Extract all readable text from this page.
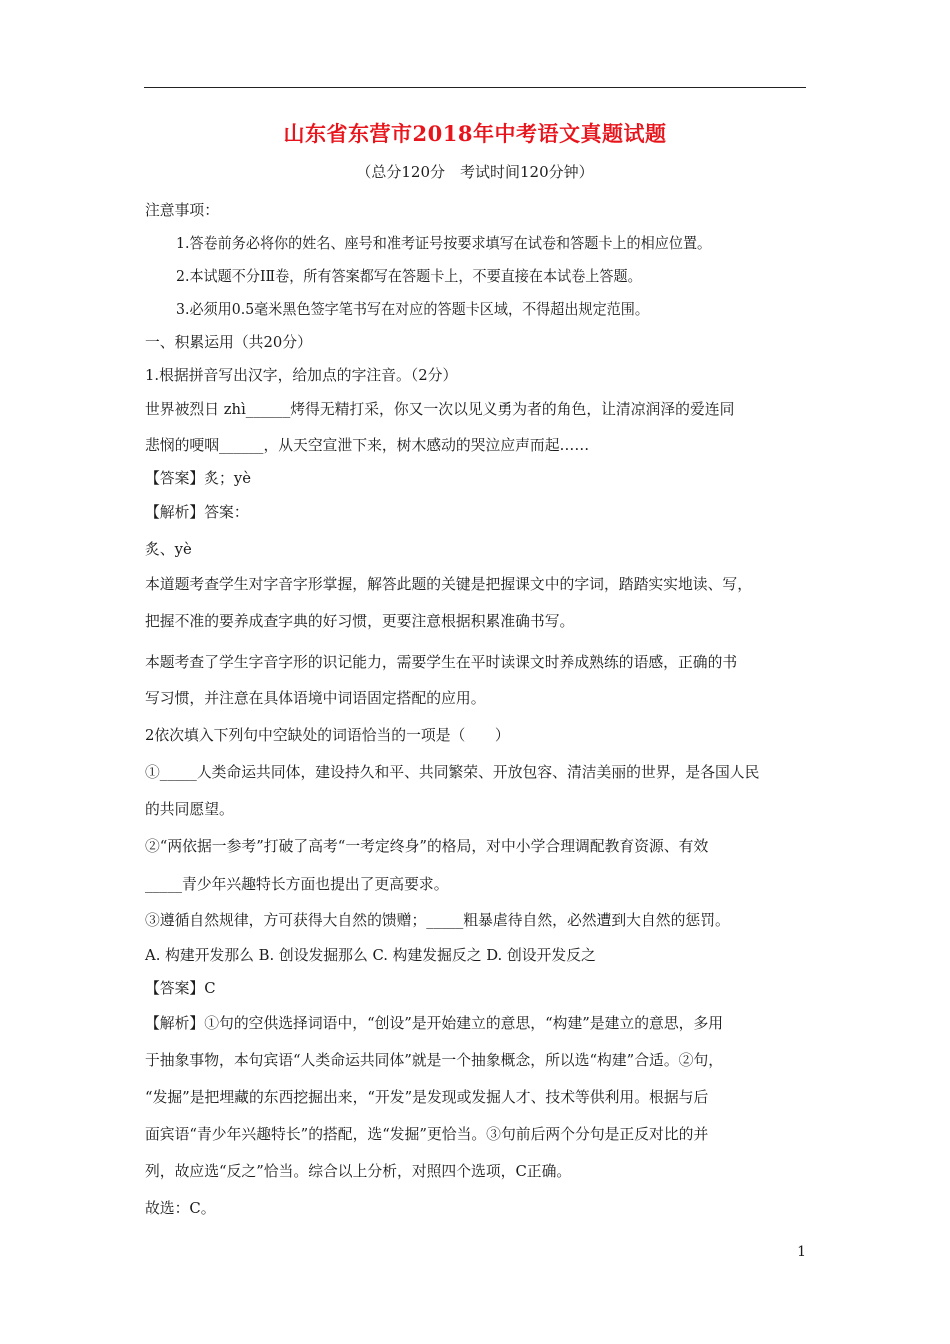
山东省东营市2018年中考语文真题试题
（总分120分　考试时间120分钟）
注意事项：
1.答卷前务必将你的姓名、座号和准考证号按要求填写在试卷和答题卡上的相应位置。
2.本试题不分ⅠⅡ卷，所有答案都写在答题卡上，不要直接在本试卷上答题。
3.必须用0.5毫米黑色签字笔书写在对应的答题卡区域，不得超出规定范围。
一、积累运用（共20分）
1.根据拼音写出汉字，给加点的字注音。（2分）
世界被烈日 zhì______烤得无精打采，你又一次以见义勇为者的角色，让清凉润泽的爱连同
悲悯的哽咽______，从天空宣泄下来，树木感动的哭泣应声而起……
【答案】炙；yè
【解析】答案：
炙、yè
本道题考查学生对字音字形掌握，解答此题的关键是把握课文中的字词，踏踏实实地读、写，
把握不准的要养成查字典的好习惯，更要注意根据积累准确书写。
本题考查了学生字音字形的识记能力，需要学生在平时读课文时养成熟练的语感，正确的书
写习惯，并注意在具体语境中词语固定搭配的应用。
2依次填入下列句中空缺处的词语恰当的一项是（　　）
①_____人类命运共同体，建设持久和平、共同繁荣、开放包容、清洁美丽的世界，是各国人民
的共同愿望。
②“两依据一参考”打破了高考“一考定终身”的格局，对中小学合理调配教育资源、有效
_____青少年兴趣特长方面也提出了更高要求。
③遵循自然规律，方可获得大自然的馈赠；_____粗暴虐待自然，必然遭到大自然的惩罚。
A. 构建开发那么 B. 创设发掘那么 C. 构建发掘反之 D. 创设开发反之
【答案】C
【解析】①句的空供选择词语中，“创设”是开始建立的意思，“构建”是建立的意思，多用
于抽象事物，本句宾语“人类命运共同体”就是一个抽象概念，所以选“构建”合适。②句，
“发掘”是把埋藏的东西挖掘出来，“开发”是发现或发掘人才、技术等供利用。根据与后
面宾语“青少年兴趣特长”的搭配，选“发掘”更恰当。③句前后两个分句是正反对比的并
列，故应选“反之”恰当。综合以上分析，对照四个选项，C正确。
故选：C。
1
